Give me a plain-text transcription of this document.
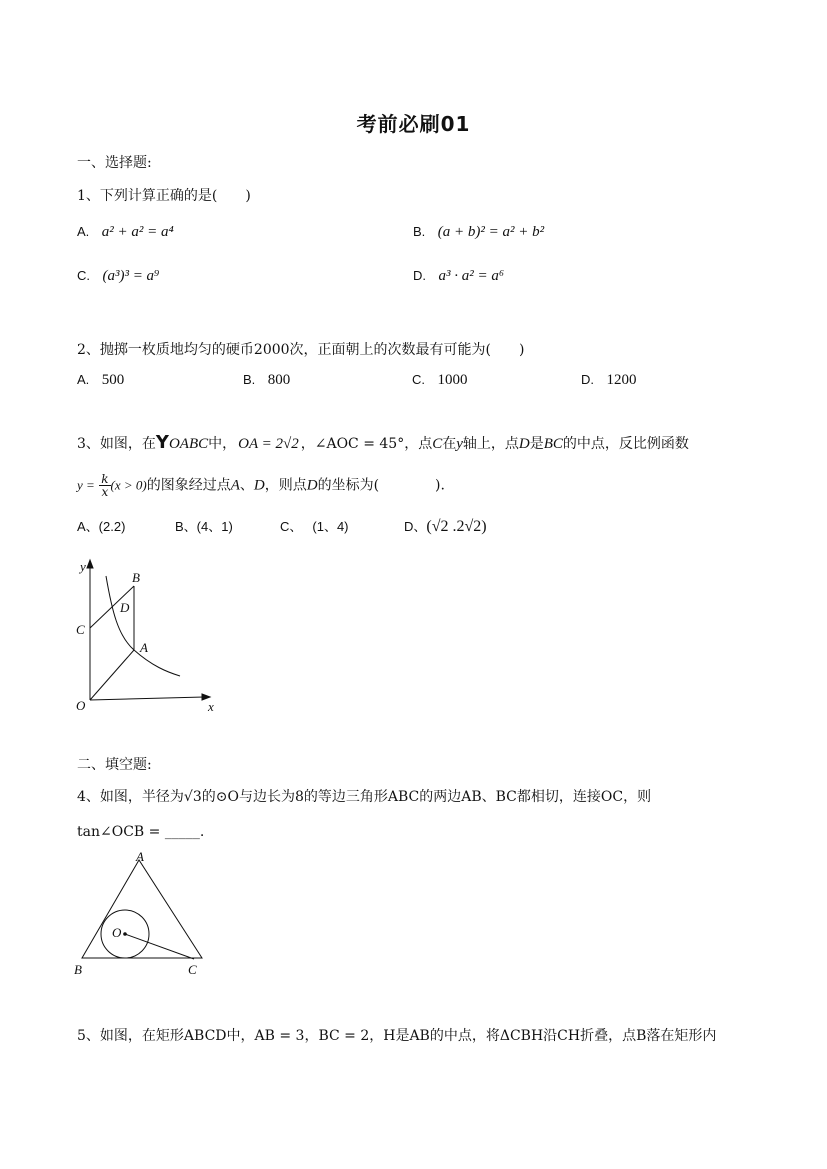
考前必刷01
一、选择题:
1、下列计算正确的是(　　)
A. a² + a² = a⁴	B. (a + b)² = a² + b²
C. (a³)³ = a⁹	D. a³ · a² = a⁶
2、抛掷一枚质地均匀的硬币2000次，正面朝上的次数最有可能为(　　)
A. 500	B. 800	C. 1000	D. 1200
3、如图，在YOABC中， OA = 2√2 ，∠AOC = 45°，点C在y轴上，点D是BC的中点，反比例函数
$y = \frac{k}{x} (x > 0)$的图象经过点A、D，则点D的坐标为(　　　　).
A、(2.2)	B、(4、1)	C、 (1、4)	D、(√2 .2√2)
y
x
O
B
C
D
A
二、填空题:
4、如图，半径为√3的⊙O与边长为8的等边三角形ABC的两边AB、BC都相切，连接OC，则
tan∠OCB = _____.
A
B	C
O
5、如图，在矩形ABCD中，AB = 3，BC = 2，H是AB的中点，将ΔCBH沿CH折叠，点B落在矩形内
